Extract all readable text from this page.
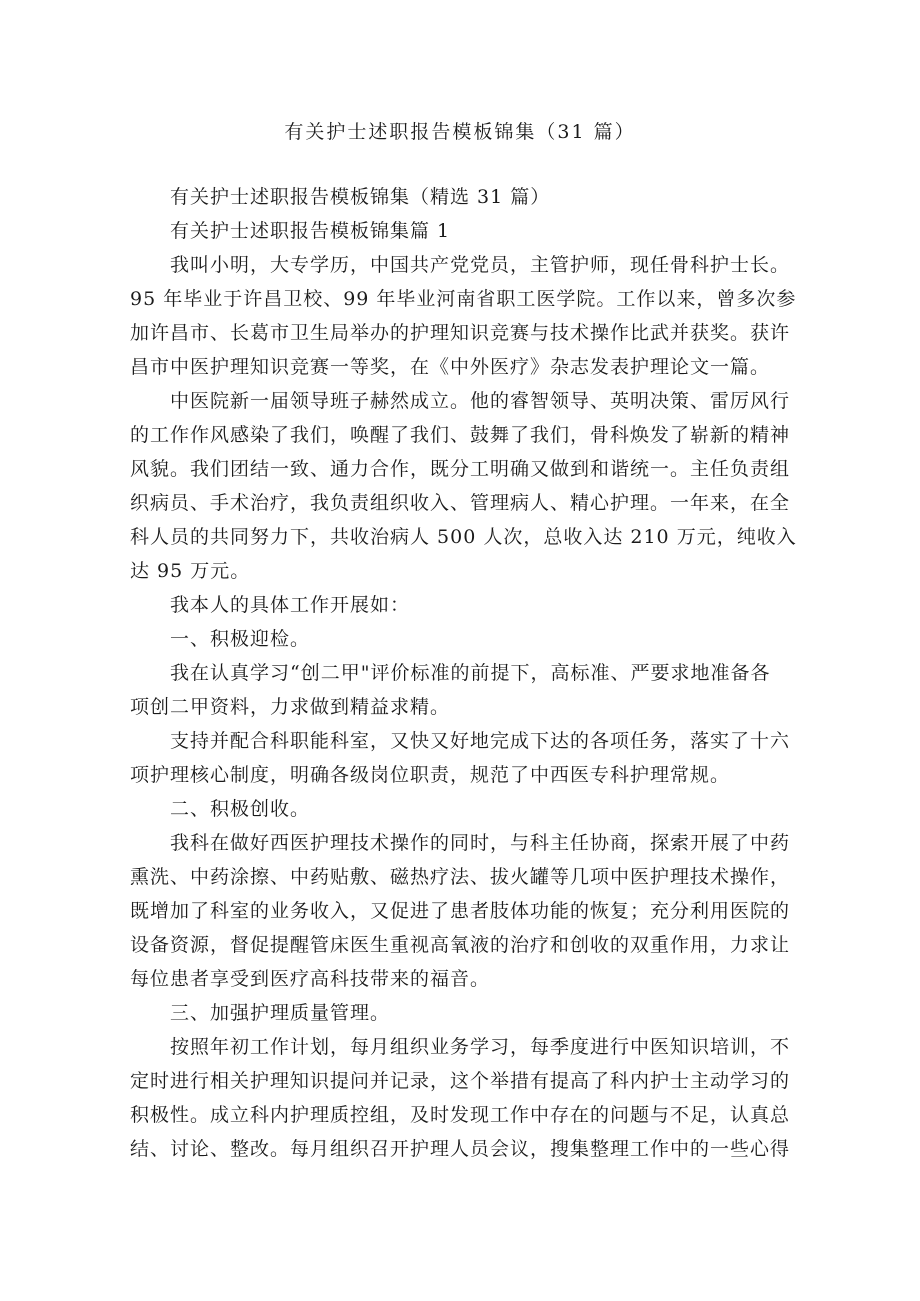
有关护士述职报告模板锦集（31 篇）
有关护士述职报告模板锦集（精选 31 篇）
有关护士述职报告模板锦集篇 1
我叫小明，大专学历，中国共产党党员，主管护师，现任骨科护士长。
95 年毕业于许昌卫校、99 年毕业河南省职工医学院。工作以来，曾多次参
加许昌市、长葛市卫生局举办的护理知识竞赛与技术操作比武并获奖。获许
昌市中医护理知识竞赛一等奖，在《中外医疗》杂志发表护理论文一篇。
中医院新一届领导班子赫然成立。他的睿智领导、英明决策、雷厉风行
的工作作风感染了我们，唤醒了我们、鼓舞了我们，骨科焕发了崭新的精神
风貌。我们团结一致、通力合作，既分工明确又做到和谐统一。主任负责组
织病员、手术治疗，我负责组织收入、管理病人、精心护理。一年来，在全
科人员的共同努力下，共收治病人 500 人次，总收入达 210 万元，纯收入
达 95 万元。
我本人的具体工作开展如：
一、积极迎检。
我在认真学习“创二甲"评价标准的前提下，高标准、严要求地准备各
项创二甲资料，力求做到精益求精。
支持并配合科职能科室，又快又好地完成下达的各项任务，落实了十六
项护理核心制度，明确各级岗位职责，规范了中西医专科护理常规。
二、积极创收。
我科在做好西医护理技术操作的同时，与科主任协商，探索开展了中药
熏洗、中药涂擦、中药贴敷、磁热疗法、拔火罐等几项中医护理技术操作，
既增加了科室的业务收入，又促进了患者肢体功能的恢复；充分利用医院的
设备资源，督促提醒管床医生重视高氧液的治疗和创收的双重作用，力求让
每位患者享受到医疗高科技带来的福音。
三、加强护理质量管理。
按照年初工作计划，每月组织业务学习，每季度进行中医知识培训，不
定时进行相关护理知识提问并记录，这个举措有提高了科内护士主动学习的
积极性。成立科内护理质控组，及时发现工作中存在的问题与不足，认真总
结、讨论、整改。每月组织召开护理人员会议，搜集整理工作中的一些心得
